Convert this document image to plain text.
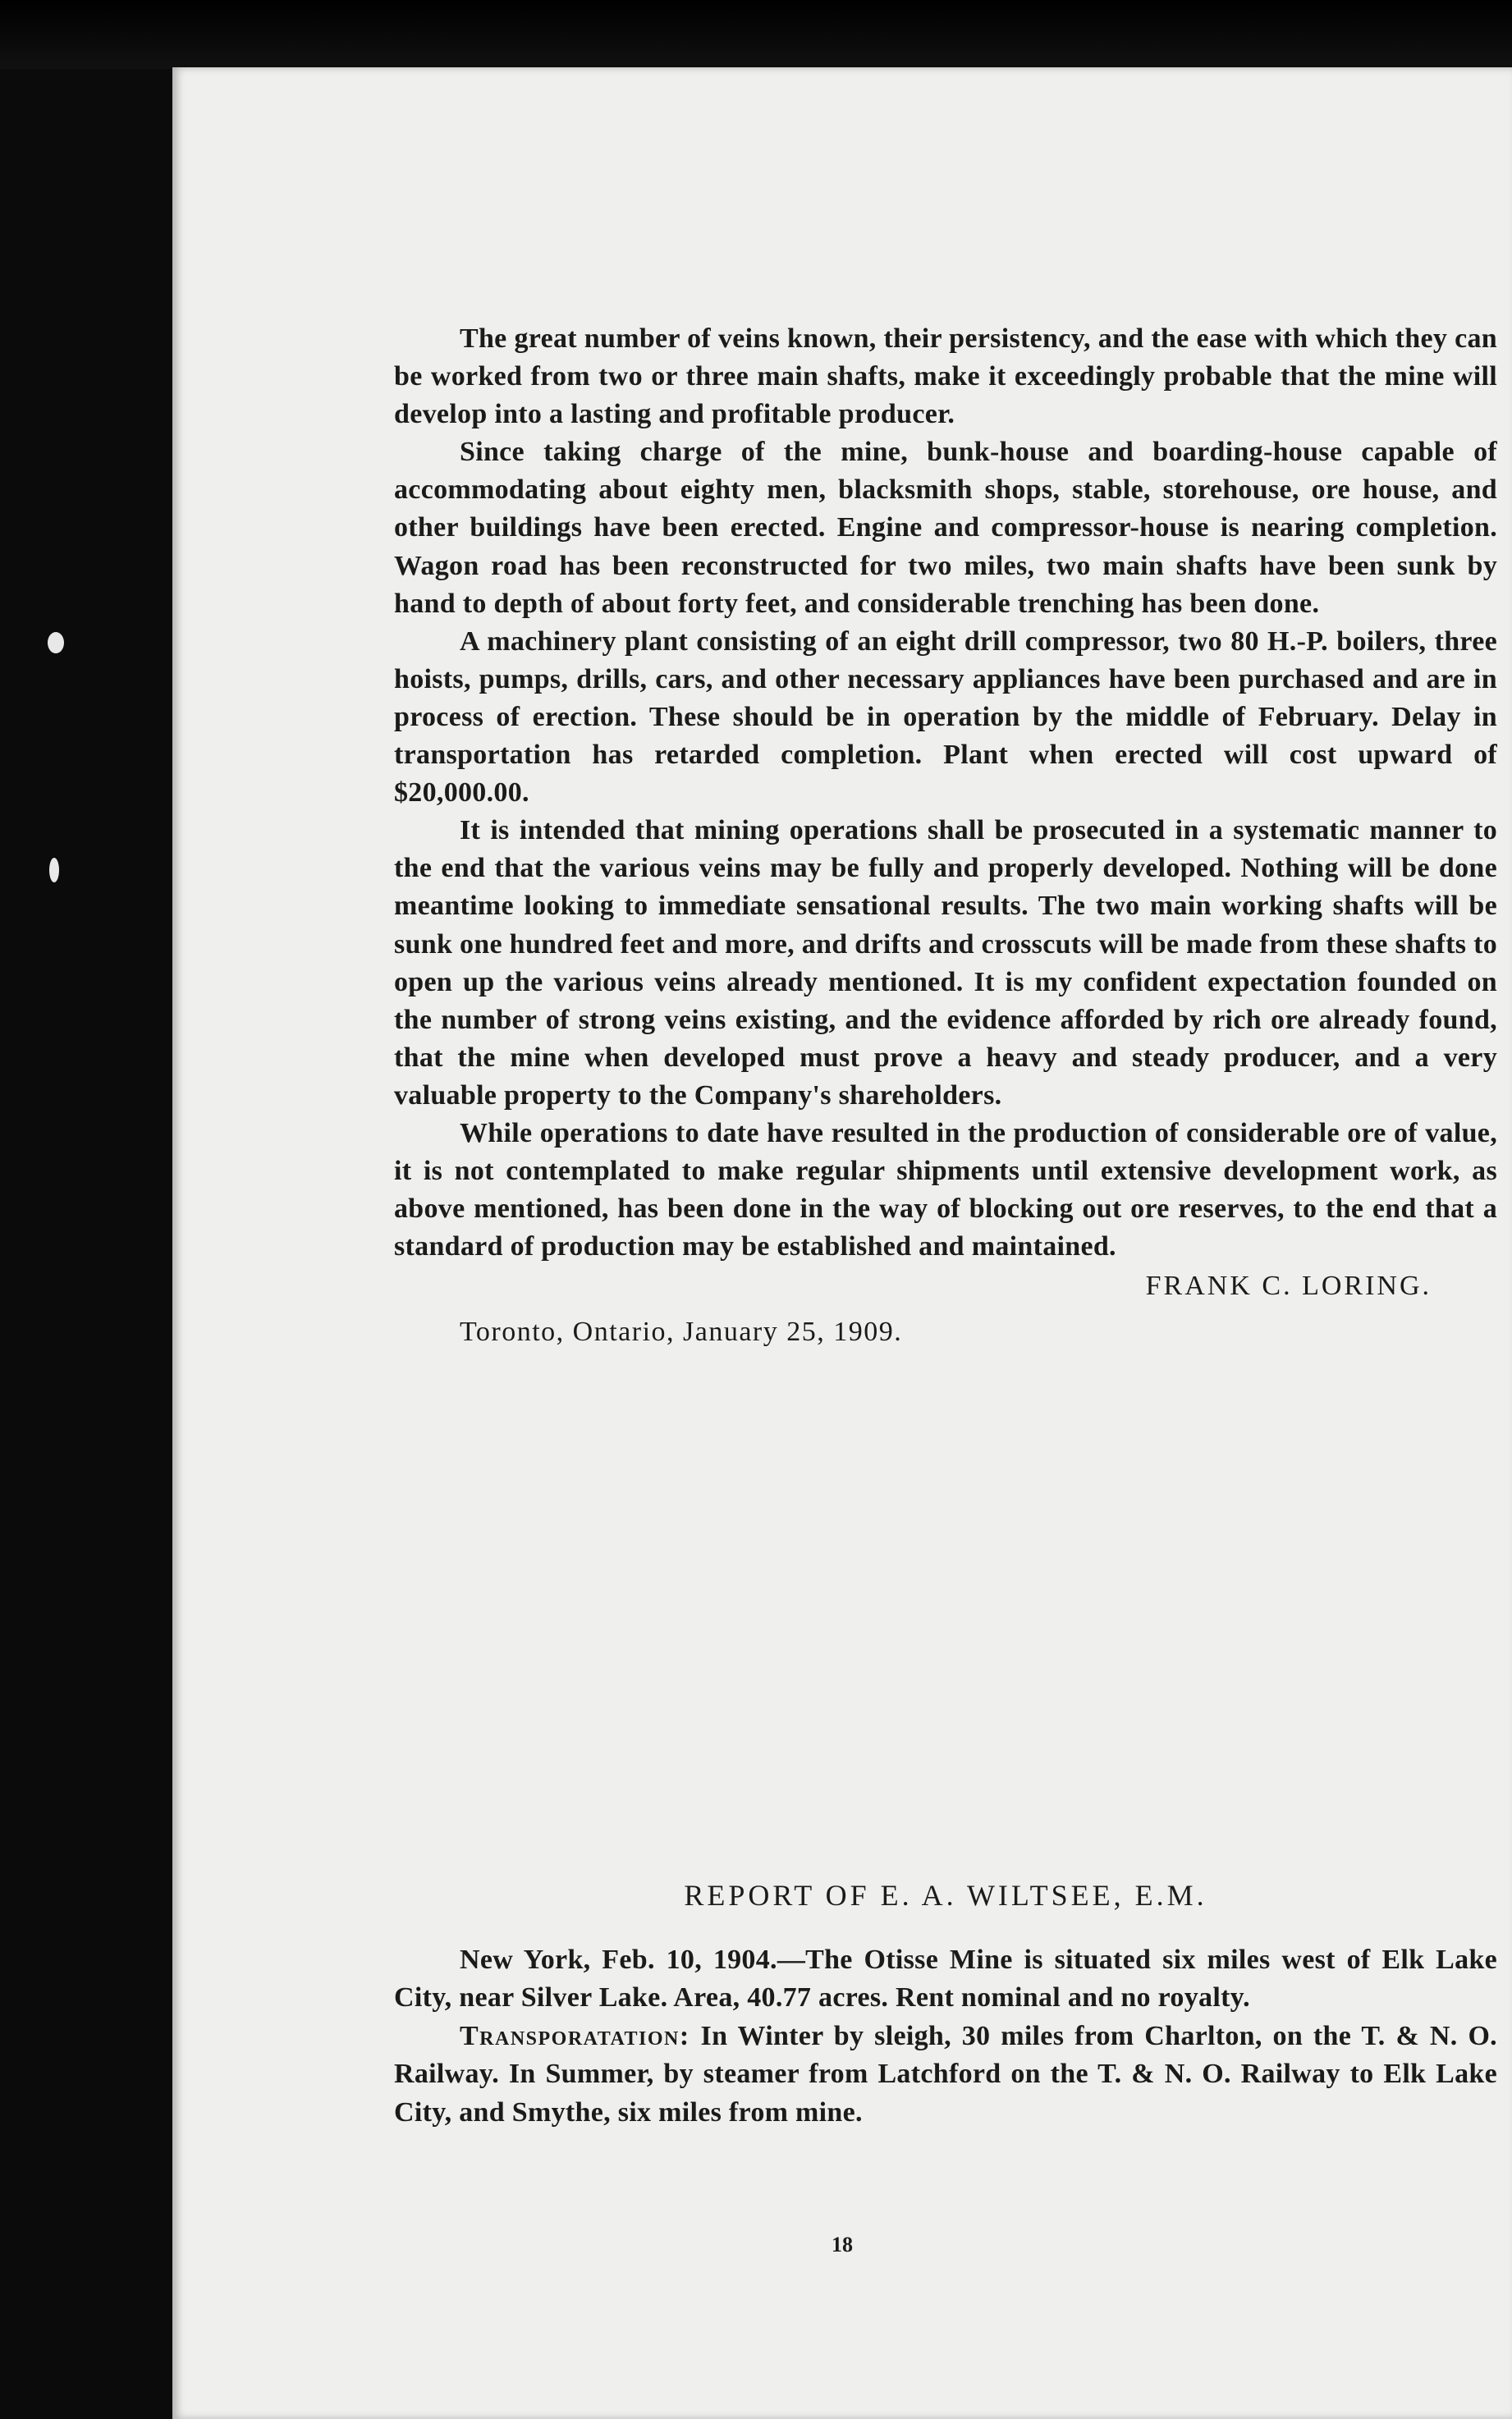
The great number of veins known, their persistency, and the ease with which they can be worked from two or three main shafts, make it exceedingly probable that the mine will develop into a lasting and profitable producer.

Since taking charge of the mine, bunk-house and boarding-house capable of accommodating about eighty men, blacksmith shops, stable, storehouse, ore house, and other buildings have been erected. Engine and compressor-house is nearing completion. Wagon road has been reconstructed for two miles, two main shafts have been sunk by hand to depth of about forty feet, and considerable trenching has been done.

A machinery plant consisting of an eight drill compressor, two 80 H.-P. boilers, three hoists, pumps, drills, cars, and other necessary appliances have been purchased and are in process of erection. These should be in operation by the middle of February. Delay in transportation has retarded completion. Plant when erected will cost upward of $20,000.00.

It is intended that mining operations shall be prosecuted in a systematic manner to the end that the various veins may be fully and properly developed. Nothing will be done meantime looking to immediate sensational results. The two main working shafts will be sunk one hundred feet and more, and drifts and crosscuts will be made from these shafts to open up the various veins already mentioned. It is my confident expectation founded on the number of strong veins existing, and the evidence afforded by rich ore already found, that the mine when developed must prove a heavy and steady producer, and a very valuable property to the Company's shareholders.

While operations to date have resulted in the production of considerable ore of value, it is not contemplated to make regular shipments until extensive development work, as above mentioned, has been done in the way of blocking out ore reserves, to the end that a standard of production may be established and maintained.

FRANK C. LORING.

Toronto, Ontario, January 25, 1909.

REPORT OF E. A. WILTSEE, E.M.

New York, Feb. 10, 1904.—The Otisse Mine is situated six miles west of Elk Lake City, near Silver Lake. Area, 40.77 acres. Rent nominal and no royalty.

Transporatation: In Winter by sleigh, 30 miles from Charlton, on the T. & N. O. Railway. In Summer, by steamer from Latchford on the T. & N. O. Railway to Elk Lake City, and Smythe, six miles from mine.

18
